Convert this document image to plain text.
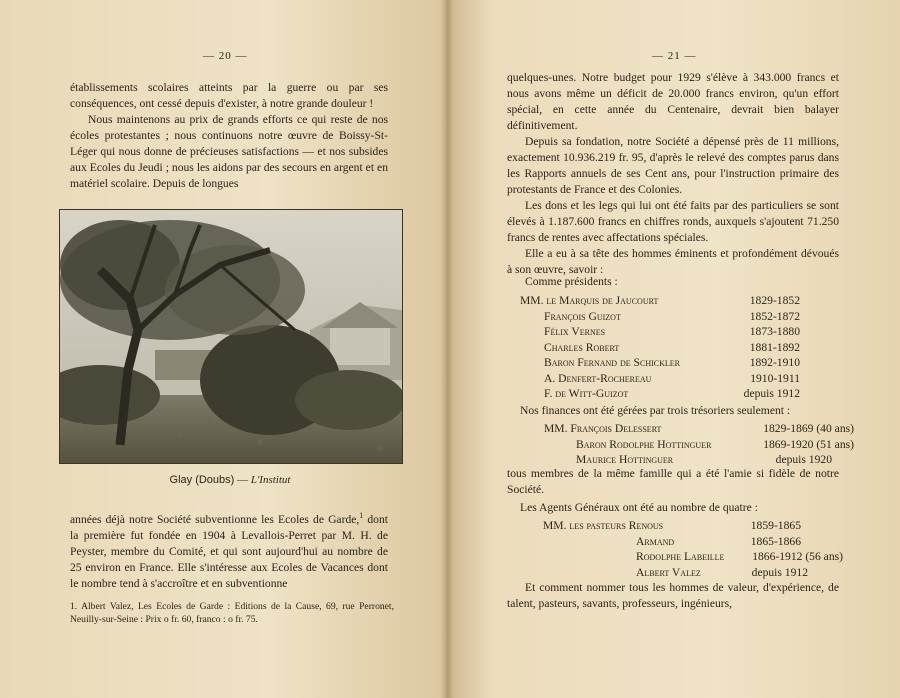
— 20 —

établissements scolaires atteints par la guerre ou par ses conséquences, ont cessé depuis d'exister, à notre grande douleur !

Nous maintenons au prix de grands efforts ce qui reste de nos écoles protestantes ; nous continuons notre œuvre de Boissy-St-Léger qui nous donne de précieuses satisfactions — et nos subsides aux Ecoles du Jeudi ; nous les aidons par des secours en argent et en matériel scolaire. Depuis de longues

Glay (Doubs) — L'Institut

années déjà notre Société subventionne les Ecoles de Garde,$^1$ dont la première fut fondée en 1904 à Levallois-Perret par M. H. de Peyster, membre du Comité, et qui sont aujourd'hui au nombre de 25 environ en France. Elle s'intéresse aux Ecoles de Vacances dont le nombre tend à s'accroître et en subventionne

1. Albert Valez, Les Ecoles de Garde : Editions de la Cause, 69, rue Perronet, Neuilly-sur-Seine : Prix o fr. 60, franco : o fr. 75.
— 21 —

quelques-unes. Notre budget pour 1929 s'élève à 343.000 francs et nous avons même un déficit de 20.000 francs environ, qu'un effort spécial, en cette année du Centenaire, devrait bien balayer définitivement.

Depuis sa fondation, notre Société a dépensé près de 11 millions, exactement 10.936.219 fr. 95, d'après le relevé des comptes parus dans les Rapports annuels de ses Cent ans, pour l'instruction primaire des protestants de France et des Colonies.

Les dons et les legs qui lui ont été faits par des particuliers se sont élevés à 1.187.600 francs en chiffres ronds, auxquels s'ajoutent 71.250 francs de rentes avec affectations spéciales.

Elle a eu à sa tête des hommes éminents et profondément dévoués à son œuvre, savoir :

Comme présidents :
MM. le Marquis de Jaucourt	1829-1852
François Guizot	1852-1872
Félix Vernes	1873-1880
Charles Robert	1881-1892
Baron Fernand de Schickler	1892-1910
A. Denfert-Rochereau	1910-1911
F. de Witt-Guizot	depuis 1912
Nos finances ont été gérées par trois trésoriers seulement :
MM. François Delessert	1829-1869 (40 ans)
Baron Rodolphe Hottinguer	1869-1920 (51 ans)
Maurice Hottinguer	depuis 1920
tous membres de la même famille qui a été l'amie si fidèle de notre Société.
Les Agents Généraux ont été au nombre de quatre :
MM. les pasteurs Renous	1859-1865
Armand	1865-1866
Rodolphe Labeille 1866-1912 (56 ans)
Albert Valez	depuis 1912
Et comment nommer tous les hommes de valeur, d'expérience, de talent, pasteurs, savants, professeurs, ingénieurs,
